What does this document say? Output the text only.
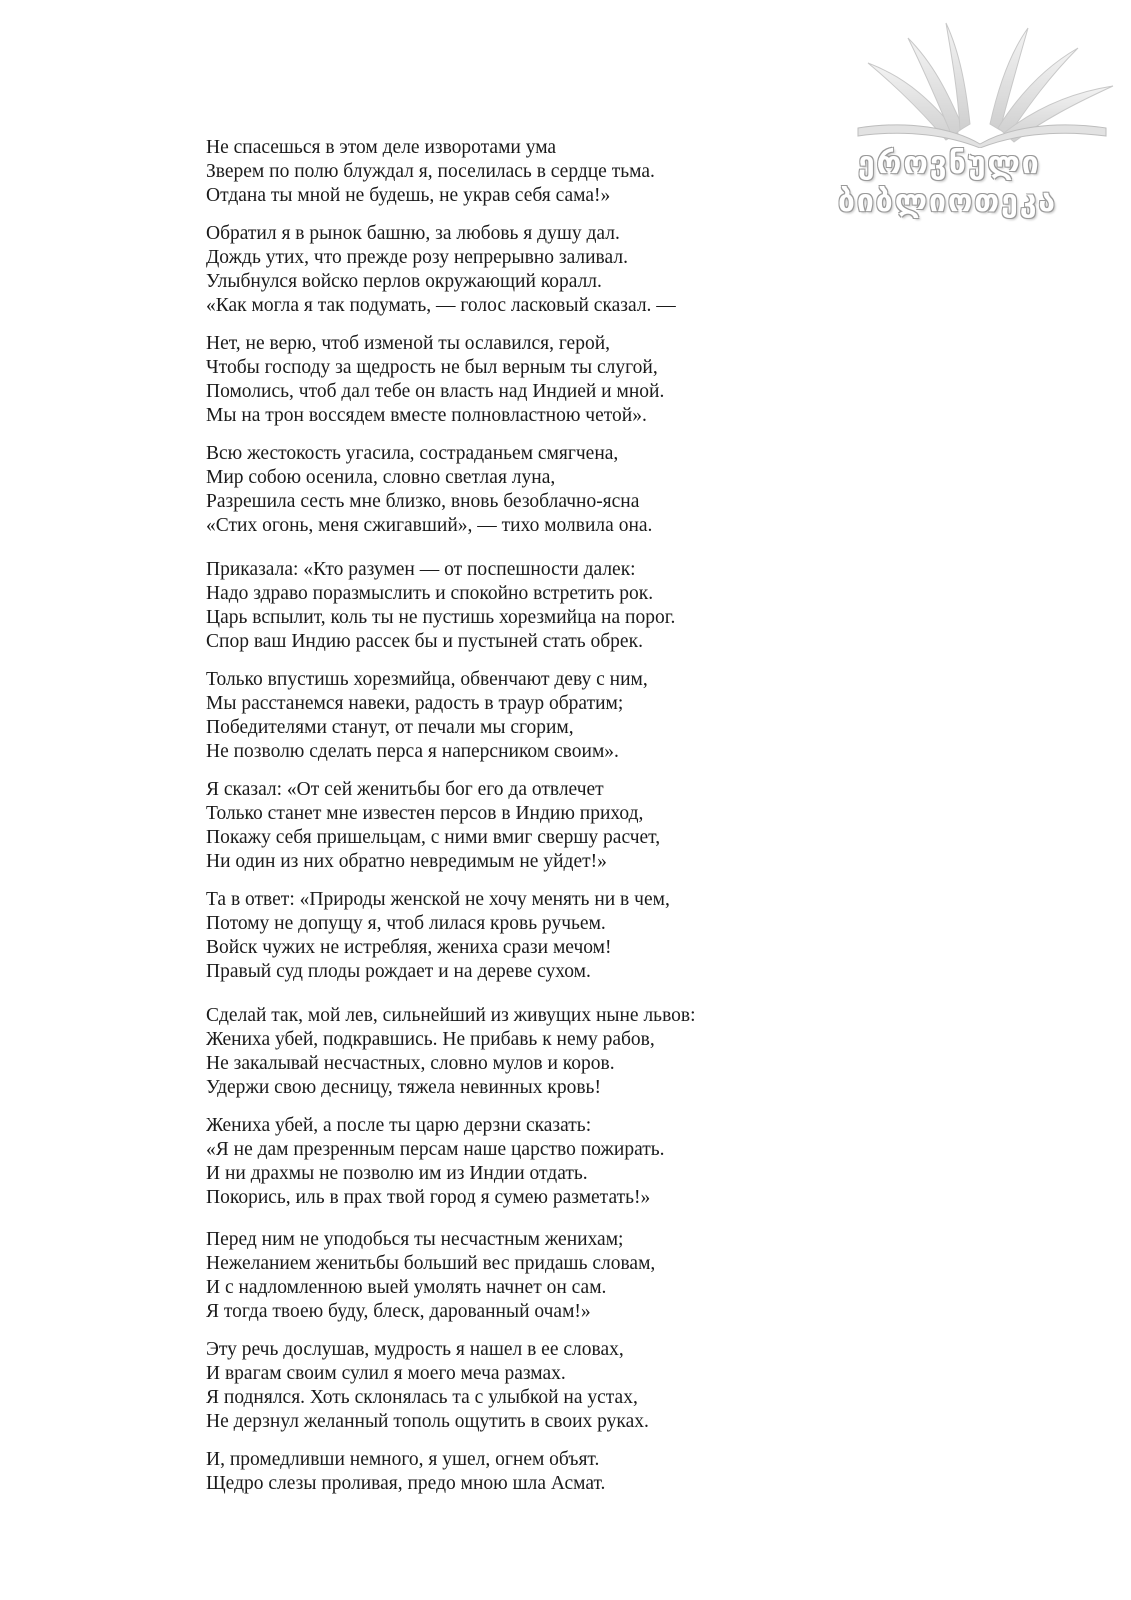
ეროვნული
ბიბლიოთეკა
Не спасешься в этом деле изворотами ума
Зверем по полю блуждал я, поселилась в сердце тьма.
Отдана ты мной не будешь, не украв себя сама!»
Обратил я в рынок башню, за любовь я душу дал.
Дождь утих, что прежде розу непрерывно заливал.
Улыбнулся войско перлов окружающий коралл.
«Как могла я так подумать, — голос ласковый сказал. —
Нет, не верю, чтоб изменой ты ославился, герой,
Чтобы господу за щедрость не был верным ты слугой,
Помолись, чтоб дал тебе он власть над Индией и мной.
Мы на трон воссядем вместе полновластною четой».
Всю жестокость угасила, состраданьем смягчена,
Мир собою осенила, словно светлая луна,
Разрешила сесть мне близко, вновь безоблачно-ясна
«Стих огонь, меня сжигавший», — тихо молвила она.
Приказала: «Кто разумен — от поспешности далек:
Надо здраво поразмыслить и спокойно встретить рок.
Царь вспылит, коль ты не пустишь хорезмийца на порог.
Спор ваш Индию рассек бы и пустыней стать обрек.
Только впустишь хорезмийца, обвенчают деву с ним,
Мы расстанемся навеки, радость в траур обратим;
Победителями станут, от печали мы сгорим,
Не позволю сделать перса я наперсником своим».
Я сказал: «От сей женитьбы бог его да отвлечет
Только станет мне известен персов в Индию приход,
Покажу себя пришельцам, с ними вмиг свершу расчет,
Ни один из них обратно невредимым не уйдет!»
Та в ответ: «Природы женской не хочу менять ни в чем,
Потому не допущу я, чтоб лилася кровь ручьем.
Войск чужих не истребляя, жениха срази мечом!
Правый суд плоды рождает и на дереве сухом.
Сделай так, мой лев, сильнейший из живущих ныне львов:
Жениха убей, подкравшись. Не прибавь к нему рабов,
Не закалывай несчастных, словно мулов и коров.
Удержи свою десницу, тяжела невинных кровь!
Жениха убей, а после ты царю дерзни сказать:
«Я не дам презренным персам наше царство пожирать.
И ни драхмы не позволю им из Индии отдать.
Покорись, иль в прах твой город я сумею разметать!»
Перед ним не уподобься ты несчастным женихам;
Нежеланием женитьбы больший вес придашь словам,
И с надломленною выей умолять начнет он сам.
Я тогда твоею буду, блеск, дарованный очам!»
Эту речь дослушав, мудрость я нашел в ее словах,
И врагам своим сулил я моего меча размах.
Я поднялся. Хоть склонялась та с улыбкой на устах,
Не дерзнул желанный тополь ощутить в своих руках.
И, промедливши немного, я ушел, огнем объят.
Щедро слезы проливая, предо мною шла Асмат.
